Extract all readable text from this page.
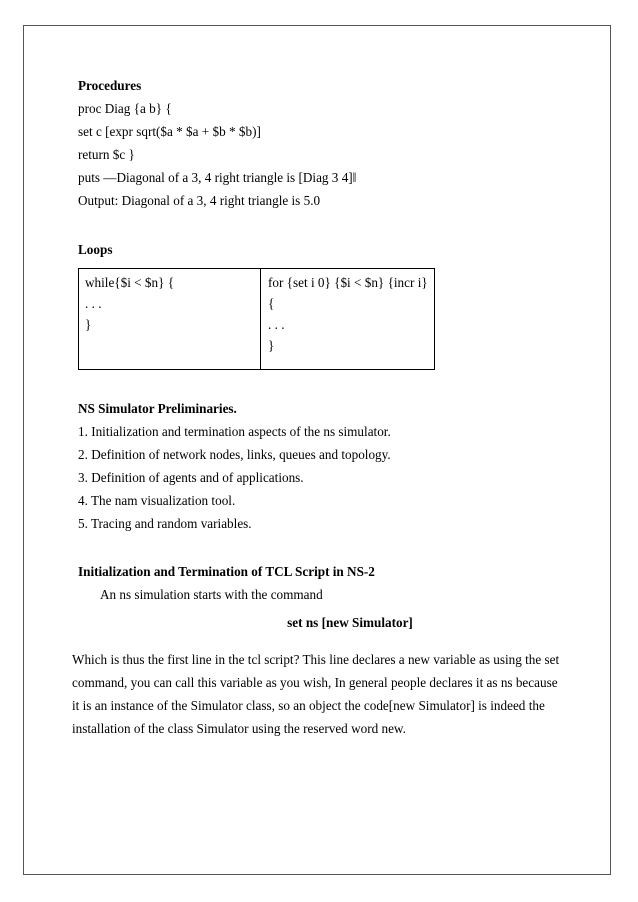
Procedures
proc Diag {a b} {
set c [expr sqrt($a * $a + $b * $b)]
return $c }
puts ―Diagonal of a 3, 4 right triangle is [Diag 3 4]‖
Output: Diagonal of a 3, 4 right triangle is 5.0
Loops
while{$i < $n} {
. . .
}
for {set i 0} {$i < $n} {incr i}
{
. . .
}
NS Simulator Preliminaries.
1. Initialization and termination aspects of the ns simulator.
2. Definition of network nodes, links, queues and topology.
3. Definition of agents and of applications.
4. The nam visualization tool.
5. Tracing and random variables.
Initialization and Termination of TCL Script in NS-2
An ns simulation starts with the command
set ns [new Simulator]
Which is thus the first line in the tcl script? This line declares a new variable as using the set
command, you can call this variable as you wish, In general people declares it as ns because
it is an instance of the Simulator class, so an object the code[new Simulator] is indeed the
installation of the class Simulator using the reserved word new.
